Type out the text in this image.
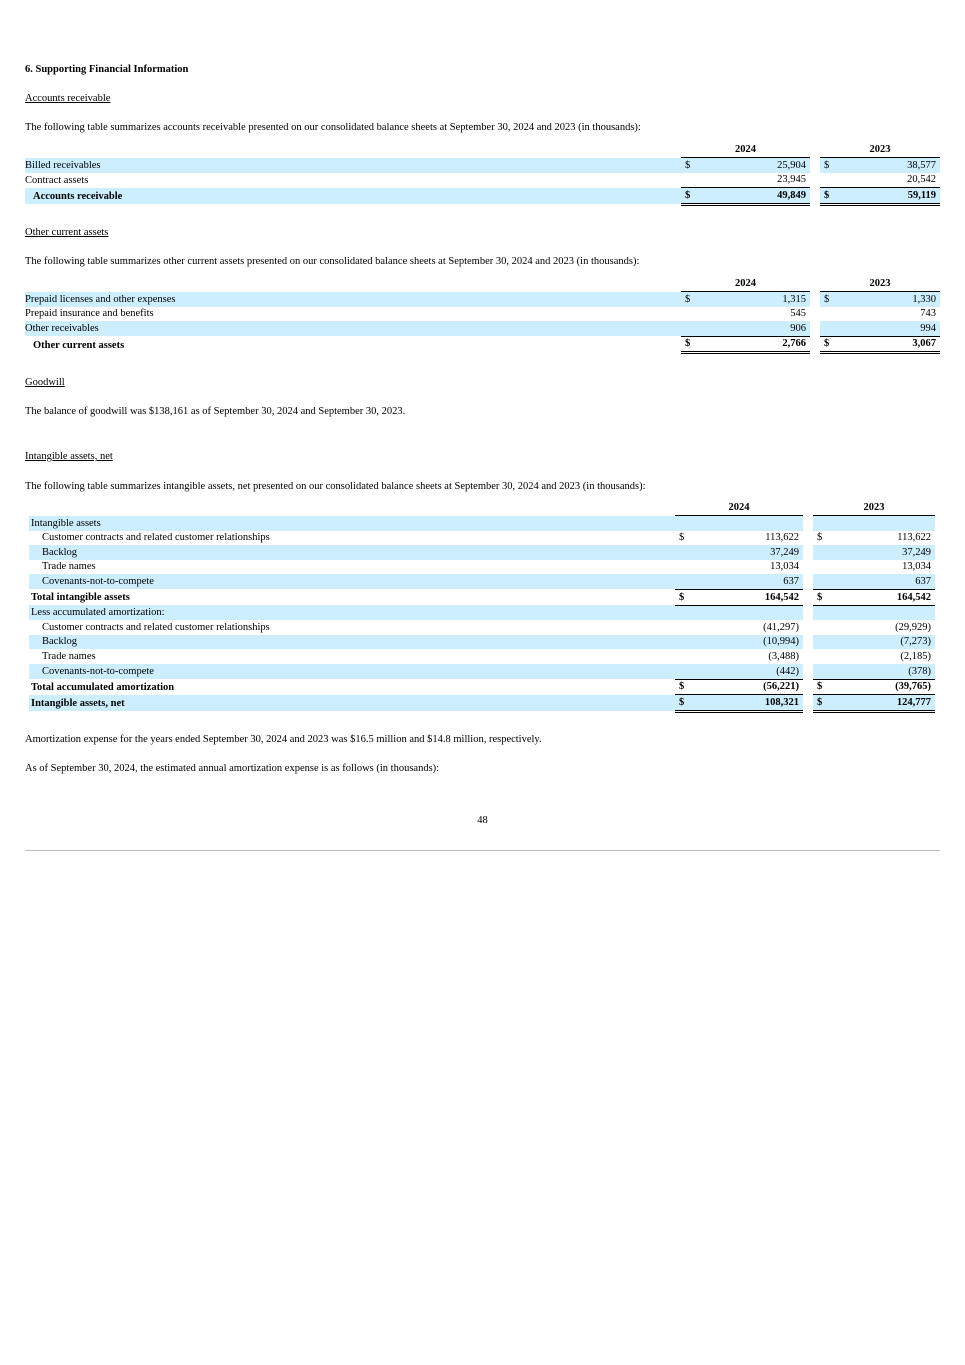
6. Supporting Financial Information
Accounts receivable
The following table summarizes accounts receivable presented on our consolidated balance sheets at September 30, 2024 and 2023 (in thousands):
	2024			2023	
Billed receivables	$	25,904		$	38,577
Contract assets		23,945			20,542
Accounts receivable	$	49,849		$	59,119
Other current assets
The following table summarizes other current assets presented on our consolidated balance sheets at September 30, 2024 and 2023 (in thousands):
	2024			2023	
Prepaid licenses and other expenses	$	1,315		$	1,330
Prepaid insurance and benefits		545			743
Other receivables		906			994
Other current assets	$	2,766		$	3,067
Goodwill
The balance of goodwill was $138,161 as of September 30, 2024 and September 30, 2023.
Intangible assets, net
The following table summarizes intangible assets, net presented on our consolidated balance sheets at September 30, 2024 and 2023 (in thousands):
	2024			2023	
Intangible assets					
Customer contracts and related customer relationships	$	113,622		$	113,622
Backlog		37,249			37,249
Trade names		13,034			13,034
Covenants-not-to-compete		637			637
Total intangible assets	$	164,542		$	164,542
Less accumulated amortization:					
Customer contracts and related customer relationships		(41,297)			(29,929)
Backlog		(10,994)			(7,273)
Trade names		(3,488)			(2,185)
Covenants-not-to-compete		(442)			(378)
Total accumulated amortization	$	(56,221)		$	(39,765)
Intangible assets, net	$	108,321		$	124,777
Amortization expense for the years ended September 30, 2024 and 2023 was $16.5 million and $14.8 million, respectively.
As of September 30, 2024, the estimated annual amortization expense is as follows (in thousands):
48
